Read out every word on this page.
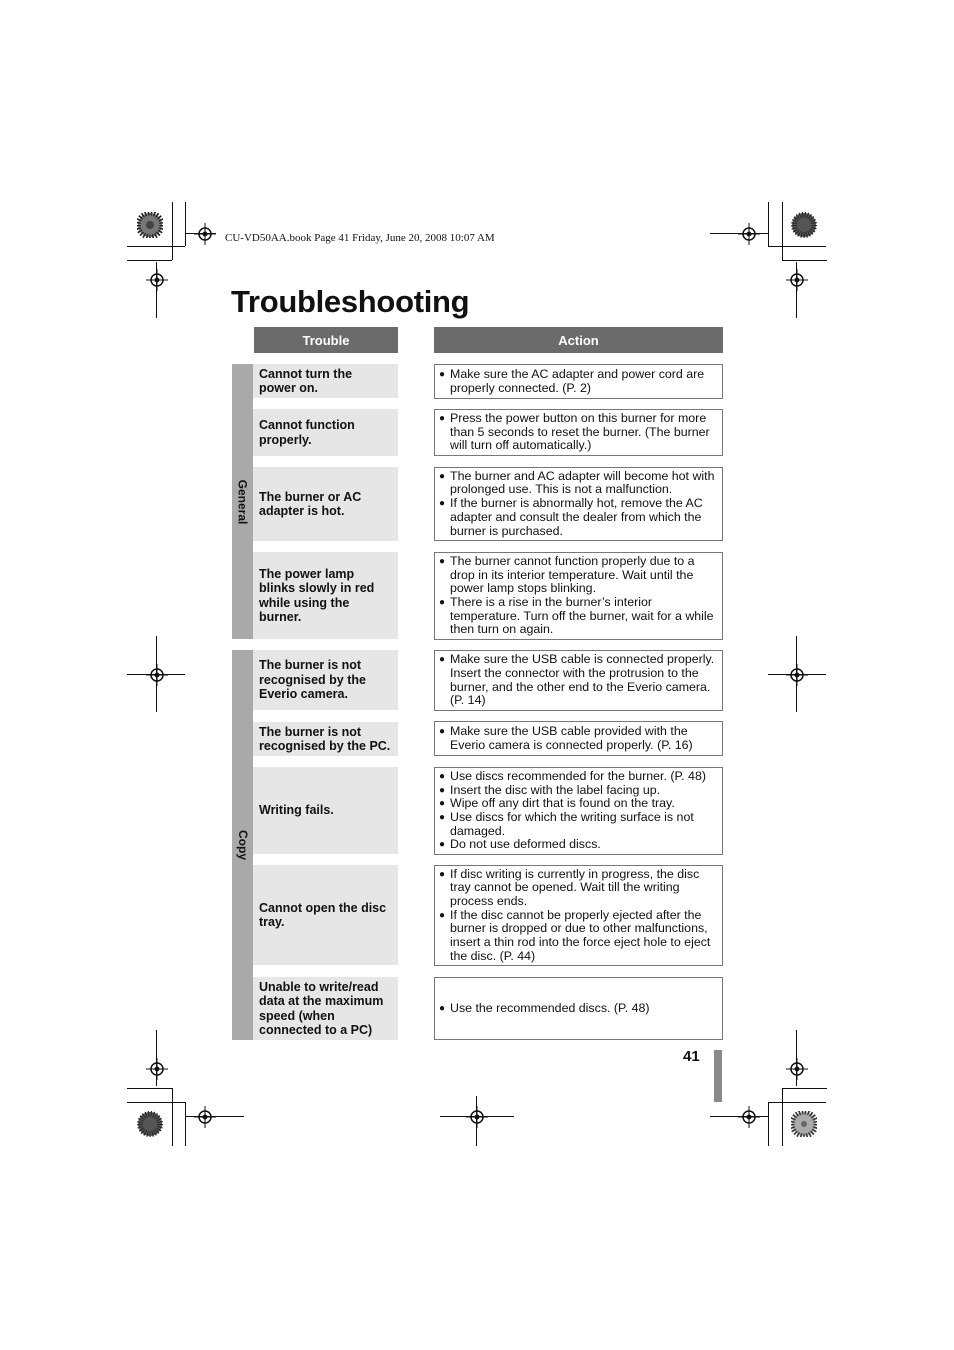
CU-VD50AA.book Page 41 Friday, June 20, 2008 10:07 AM
Troubleshooting
Trouble	Action
General
Copy
Cannot turn the power on.
● Make sure the AC adapter and power cord are properly connected. (P. 2)
Cannot function properly.
● Press the power button on this burner for more than 5 seconds to reset the burner. (The burner will turn off automatically.)
The burner or AC adapter is hot.
● The burner and AC adapter will become hot with prolonged use. This is not a malfunction.
● If the burner is abnormally hot, remove the AC adapter and consult the dealer from which the burner is purchased.
The power lamp blinks slowly in red while using the burner.
● The burner cannot function properly due to a drop in its interior temperature. Wait until the power lamp stops blinking.
● There is a rise in the burner’s interior temperature. Turn off the burner, wait for a while then turn on again.
The burner is not recognised by the Everio camera.
● Make sure the USB cable is connected properly. Insert the connector with the protrusion to the burner, and the other end to the Everio camera. (P. 14)
The burner is not recognised by the PC.
● Make sure the USB cable provided with the Everio camera is connected properly. (P. 16)
Writing fails.
● Use discs recommended for the burner. (P. 48)
● Insert the disc with the label facing up.
● Wipe off any dirt that is found on the tray.
● Use discs for which the writing surface is not damaged.
● Do not use deformed discs.
Cannot open the disc tray.
● If disc writing is currently in progress, the disc tray cannot be opened. Wait till the writing process ends.
● If the disc cannot be properly ejected after the burner is dropped or due to other malfunctions, insert a thin rod into the force eject hole to eject the disc. (P. 44)
Unable to write/read data at the maximum speed (when connected to a PC)
● Use the recommended discs. (P. 48)
41
